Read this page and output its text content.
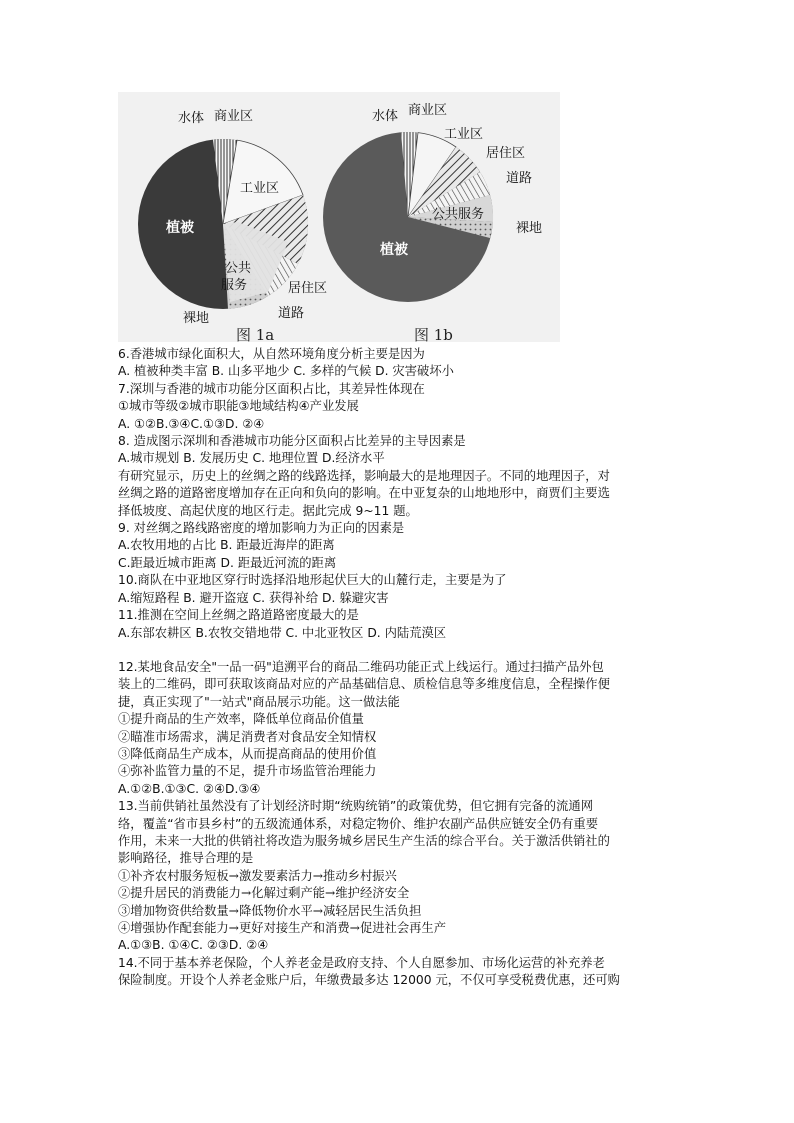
水体 商业区
工业区
植被
公共
服务	居住区
道路
裸地
图 1a
水体 商业区
工业区
居住区
道路
公共服务
裸地
植被
图 1b
6.香港城市绿化面积大，从自然环境角度分析主要是因为
A. 植被种类丰富 B. 山多平地少 C. 多样的气候 D. 灾害破坏小
7.深圳与香港的城市功能分区面积占比，其差异性体现在
①城市等级②城市职能③地域结构④产业发展
A. ①②B.③④C.①③D. ②④
8. 造成图示深圳和香港城市功能分区面积占比差异的主导因素是
A.城市规划 B. 发展历史 C. 地理位置 D.经济水平
有研究显示，历史上的丝绸之路的线路选择，影响最大的是地理因子。不同的地理因子，对
丝绸之路的道路密度增加存在正向和负向的影响。在中亚复杂的山地地形中，商贾们主要选
择低坡度、高起伏度的地区行走。据此完成 9~11 题。
9. 对丝绸之路线路密度的增加影响力为正向的因素是
A.农牧用地的占比 B. 距最近海岸的距离
C.距最近城市距离 D. 距最近河流的距离
10.商队在中亚地区穿行时选择沿地形起伏巨大的山麓行走，主要是为了
A.缩短路程 B. 避开盗寇 C. 获得补给 D. 躲避灾害
11.推测在空间上丝绸之路道路密度最大的是
A.东部农耕区 B.农牧交错地带 C. 中北亚牧区 D. 内陆荒漠区
12.某地食品安全"一品一码"追溯平台的商品二维码功能正式上线运行。通过扫描产品外包
装上的二维码，即可获取该商品对应的产品基础信息、质检信息等多维度信息，全程操作便
捷，真正实现了"一站式"商品展示功能。这一做法能
①提升商品的生产效率，降低单位商品价值量
②瞄准市场需求，满足消费者对食品安全知情权
③降低商品生产成本，从而提高商品的使用价值
④弥补监管力量的不足，提升市场监管治理能力
A.①②B.①③C. ②④D.③④
13.当前供销社虽然没有了计划经济时期“统购统销”的政策优势，但它拥有完备的流通网
络，覆盖“省市县乡村”的五级流通体系，对稳定物价、维护农副产品供应链安全仍有重要
作用，未来一大批的供销社将改造为服务城乡居民生产生活的综合平台。关于激活供销社的
影响路径，推导合理的是
①补齐农村服务短板→激发要素活力→推动乡村振兴
②提升居民的消费能力→化解过剩产能→维护经济安全
③增加物资供给数量→降低物价水平→减轻居民生活负担
④增强协作配套能力→更好对接生产和消费→促进社会再生产
A.①③B. ①④C. ②③D. ②④
14.不同于基本养老保险，个人养老金是政府支持、个人自愿参加、市场化运营的补充养老
保险制度。开设个人养老金账户后，年缴费最多达 12000 元，不仅可享受税费优惠，还可购
